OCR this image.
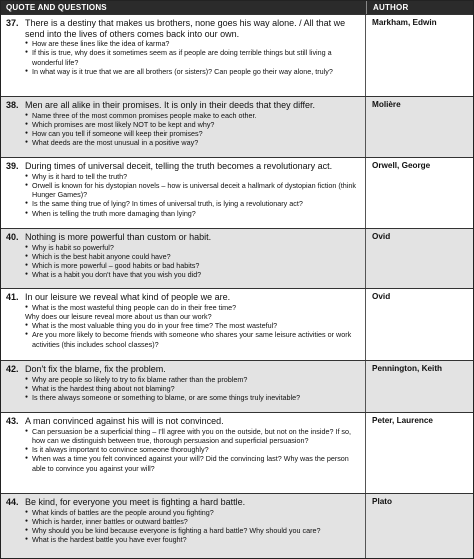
QUOTE AND QUESTIONS	AUTHOR
37. There is a destiny that makes us brothers, none goes his way alone. / All that we send into the lives of others comes back into our own.
● How are these lines like the idea of karma?
● If this is true, why does it sometimes seem as if people are doing terrible things but still living a wonderful life?
● In what way is it true that we are all brothers (or sisters)? Can people go their way alone, truly?
Markham, Edwin
38. Men are all alike in their promises. It is only in their deeds that they differ.
● Name three of the most common promises people make to each other.
● Which promises are most likely NOT to be kept and why?
● How can you tell if someone will keep their promises?
● What deeds are the most unusual in a positive way?
Molière
39. During times of universal deceit, telling the truth becomes a revolutionary act.
● Why is it hard to tell the truth?
● Orwell is known for his dystopian novels – how is universal deceit a hallmark of dystopian fiction (think Hunger Games)?
● Is the same thing true of lying? In times of universal truth, is lying a revolutionary act?
● When is telling the truth more damaging than lying?
Orwell, George
40. Nothing is more powerful than custom or habit.
● Why is habit so powerful?
● Which is the best habit anyone could have?
● Which is more powerful – good habits or bad habits?
● What is a habit you don't have that you wish you did?
Ovid
41. In our leisure we reveal what kind of people we are.
● What is the most wasteful thing people can do in their free time?
Why does our leisure reveal more about us than our work?
● What is the most valuable thing you do in your free time? The most wasteful?
● Are you more likely to become friends with someone who shares your same leisure activities or work activities (this includes school classes)?
Ovid
42. Don't fix the blame, fix the problem.
● Why are people so likely to try to fix blame rather than the problem?
● What is the hardest thing about not blaming?
● Is there always someone or something to blame, or are some things truly inevitable?
Pennington, Keith
43. A man convinced against his will is not convinced.
● Can persuasion be a superficial thing – I'll agree with you on the outside, but not on the inside? If so, how can we distinguish between true, thorough persuasion and superficial persuasion?
● Is it always important to convince someone thoroughly?
● When was a time you felt convinced against your will? Did the convincing last? Why was the person able to convince you against your will?
Peter, Laurence
44. Be kind, for everyone you meet is fighting a hard battle.
● What kinds of battles are the people around you fighting?
● Which is harder, inner battles or outward battles?
● Why should you be kind because everyone is fighting a hard battle? Why should you care?
● What is the hardest battle you have ever fought?
Plato
